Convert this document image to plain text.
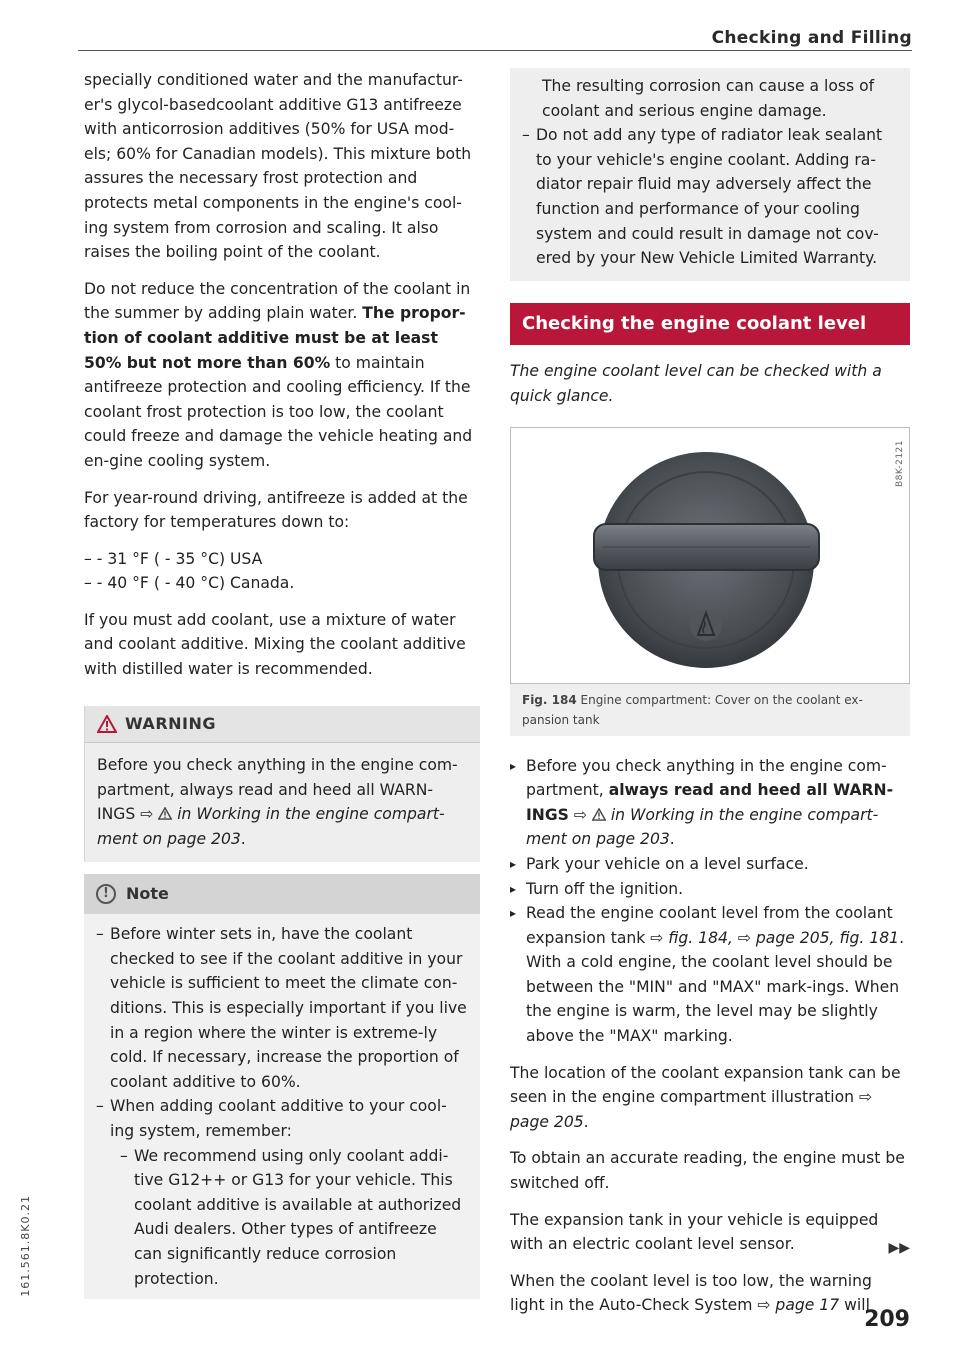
Checking and Filling

specially conditioned water and the manufactur-er's glycol-basedcoolant additive G13 antifreeze with anticorrosion additives (50% for USA mod-els; 60% for Canadian models). This mixture both assures the necessary frost protection and protects metal components in the engine's cool-ing system from corrosion and scaling. It also raises the boiling point of the coolant.

Do not reduce the concentration of the coolant in the summer by adding plain water. The propor-tion of coolant additive must be at least 50% but not more than 60% to maintain antifreeze protection and cooling efficiency. If the coolant frost protection is too low, the coolant could freeze and damage the vehicle heating and en-gine cooling system.

For year-round driving, antifreeze is added at the factory for temperatures down to:

– - 31 °F ( - 35 °C) USA
– - 40 °F ( - 40 °C) Canada.

If you must add coolant, use a mixture of water and coolant additive. Mixing the coolant additive with distilled water is recommended.

WARNING
Before you check anything in the engine com-partment, always read and heed all WARN-INGS ⇨  in Working in the engine compart-ment on page 203.
!	Note
– Before winter sets in, have the coolant checked to see if the coolant additive in your vehicle is sufficient to meet the climate con-ditions. This is especially important if you live in a region where the winter is extreme-ly cold. If necessary, increase the proportion of coolant additive to 60%.
– When adding coolant additive to your cool-ing system, remember:
– We recommend using only coolant addi-tive G12++ or G13 for your vehicle. This coolant additive is available at authorized Audi dealers. Other types of antifreeze can significantly reduce corrosion protection.
The resulting corrosion can cause a loss of coolant and serious engine damage.
– Do not add any type of radiator leak sealant to your vehicle's engine coolant. Adding ra-diator repair fluid may adversely affect the function and performance of your cooling system and could result in damage not cov-ered by your New Vehicle Limited Warranty.
Checking the engine coolant level
The engine coolant level can be checked with a quick glance.
B8K-2121
Fig. 184 Engine compartment: Cover on the coolant ex-pansion tank
▸ Before you check anything in the engine com-partment, always read and heed all WARN-INGS ⇨  in Working in the engine compart-ment on page 203.
▸ Park your vehicle on a level surface.
▸ Turn off the ignition.
▸ Read the engine coolant level from the coolant expansion tank ⇨ fig. 184, ⇨ page 205, fig. 181. With a cold engine, the coolant level should be between the "MIN" and "MAX" mark-ings. When the engine is warm, the level may be slightly above the "MAX" marking.

The location of the coolant expansion tank can be seen in the engine compartment illustration ⇨ page 205.

To obtain an accurate reading, the engine must be switched off.

The expansion tank in your vehicle is equipped with an electric coolant level sensor.

When the coolant level is too low, the warning light in the Auto-Check System ⇨ page 17 will

▶▶
209
161.561.8K0.21
